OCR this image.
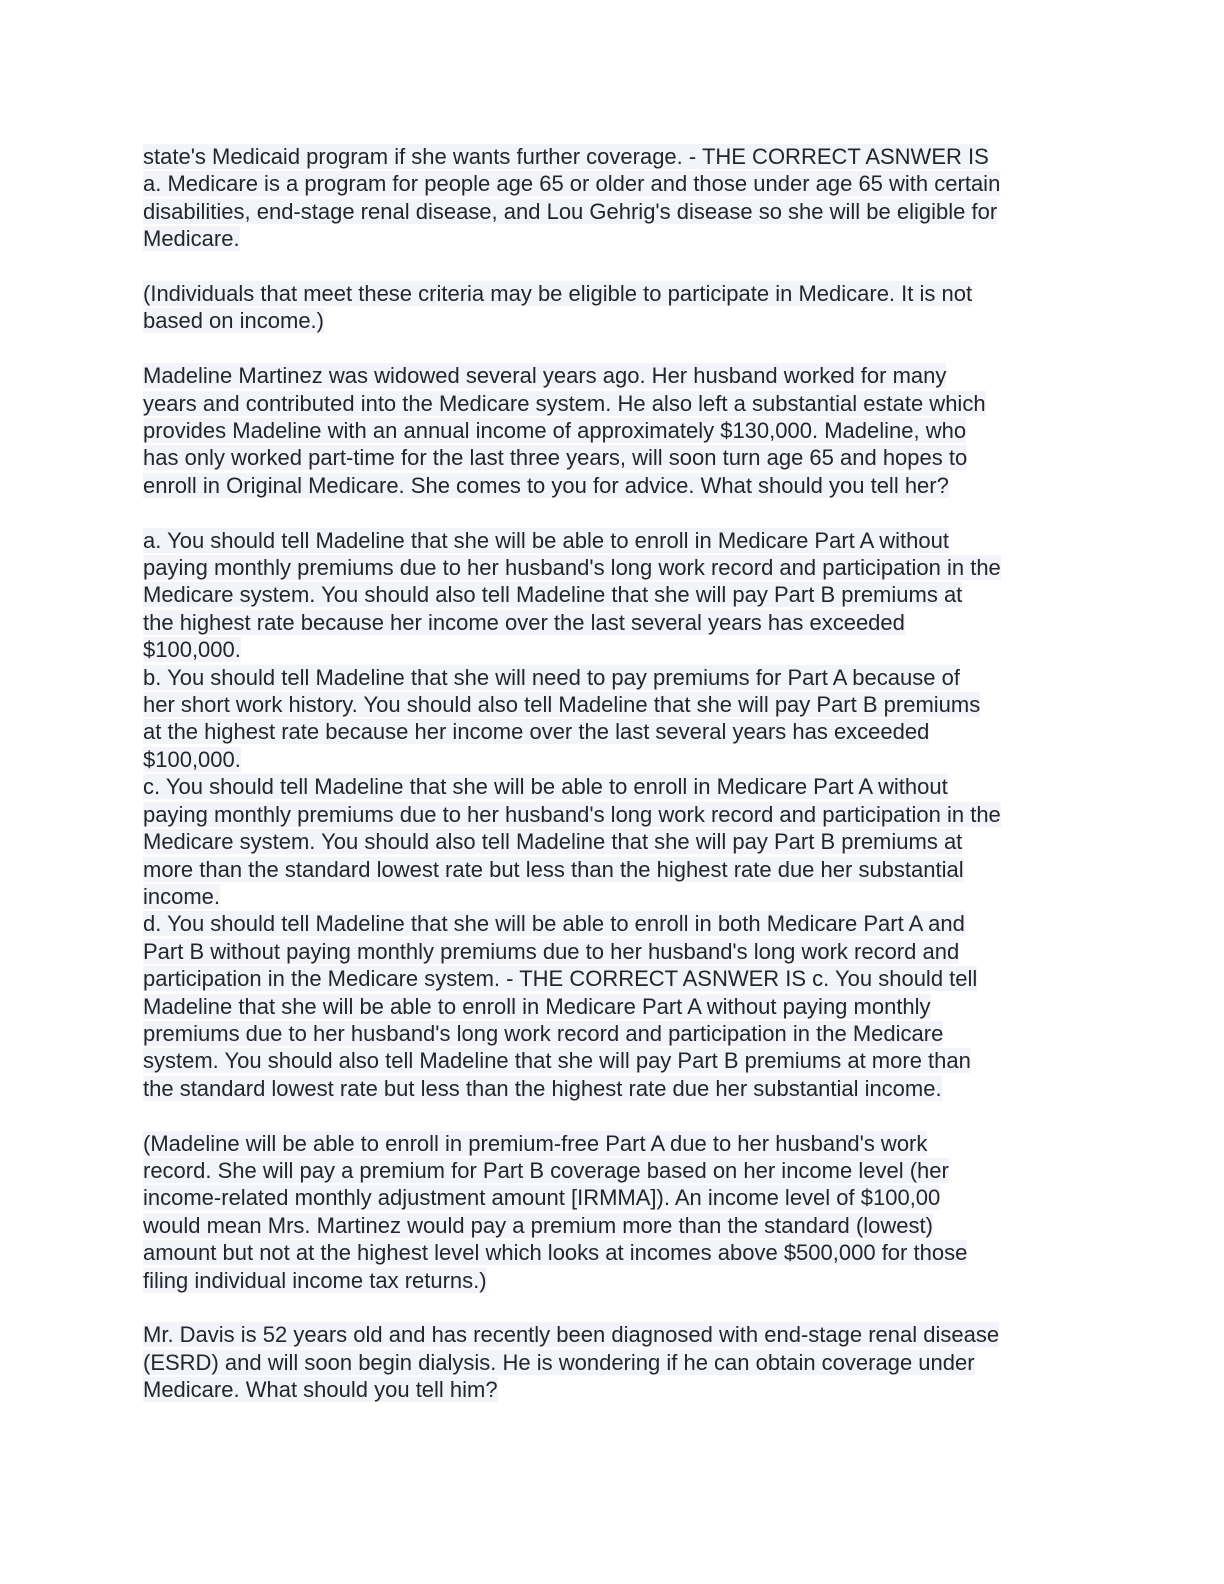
state's Medicaid program if she wants further coverage. - THE CORRECT ASNWER IS
a. Medicare is a program for people age 65 or older and those under age 65 with certain
disabilities, end-stage renal disease, and Lou Gehrig's disease so she will be eligible for
Medicare.
(Individuals that meet these criteria may be eligible to participate in Medicare. It is not
based on income.)
Madeline Martinez was widowed several years ago. Her husband worked for many
years and contributed into the Medicare system. He also left a substantial estate which
provides Madeline with an annual income of approximately $130,000. Madeline, who
has only worked part-time for the last three years, will soon turn age 65 and hopes to
enroll in Original Medicare. She comes to you for advice. What should you tell her?
a. You should tell Madeline that she will be able to enroll in Medicare Part A without
paying monthly premiums due to her husband's long work record and participation in the
Medicare system. You should also tell Madeline that she will pay Part B premiums at
the highest rate because her income over the last several years has exceeded
$100,000.
b. You should tell Madeline that she will need to pay premiums for Part A because of
her short work history. You should also tell Madeline that she will pay Part B premiums
at the highest rate because her income over the last several years has exceeded
$100,000.
c. You should tell Madeline that she will be able to enroll in Medicare Part A without
paying monthly premiums due to her husband's long work record and participation in the
Medicare system. You should also tell Madeline that she will pay Part B premiums at
more than the standard lowest rate but less than the highest rate due her substantial
income.
d. You should tell Madeline that she will be able to enroll in both Medicare Part A and
Part B without paying monthly premiums due to her husband's long work record and
participation in the Medicare system. - THE CORRECT ASNWER IS c. You should tell
Madeline that she will be able to enroll in Medicare Part A without paying monthly
premiums due to her husband's long work record and participation in the Medicare
system. You should also tell Madeline that she will pay Part B premiums at more than
the standard lowest rate but less than the highest rate due her substantial income.
(Madeline will be able to enroll in premium-free Part A due to her husband's work
record. She will pay a premium for Part B coverage based on her income level (her
income-related monthly adjustment amount [IRMMA]). An income level of $100,00
would mean Mrs. Martinez would pay a premium more than the standard (lowest)
amount but not at the highest level which looks at incomes above $500,000 for those
filing individual income tax returns.)
Mr. Davis is 52 years old and has recently been diagnosed with end-stage renal disease
(ESRD) and will soon begin dialysis. He is wondering if he can obtain coverage under
Medicare. What should you tell him?
